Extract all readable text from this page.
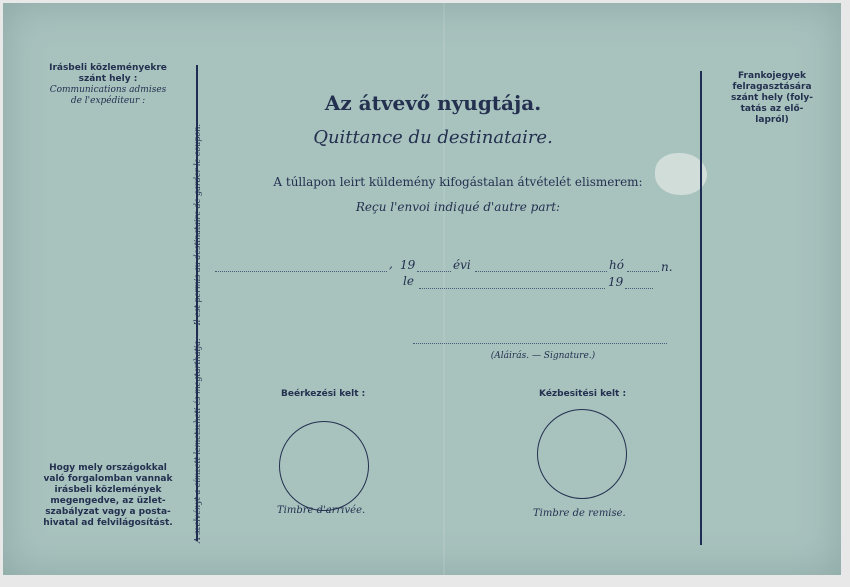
Irásbeli közleményekre
szánt hely :
Communications admises
de l'expéditeur :
Hogy mely országokkal
való forgalomban vannak
irásbeli közlemények
megengedve, az üzlet-
szabályzat vagy a posta-
hivatal ad felvilágosítást.	A szelvényt a címzett lemetszheti és megtarthatja. — Il est permis au destinataire de garder le coupon.
Frankojegyek
felragasztására
szánt hely (foly-
tatás az elő-
lapról)
Az átvevő nyugtája.
Quittance du destinataire.
A túllapon leirt küldemény kifogástalan átvételét elismerem:
Reçu l'envoi indiqué d'autre part:
, 19	évi	hó	n.
le	19
(Aláirás. — Signature.)
Beérkezési kelt :
Timbre d'arrivée.
Kézbesitési kelt :
Timbre de remise.
